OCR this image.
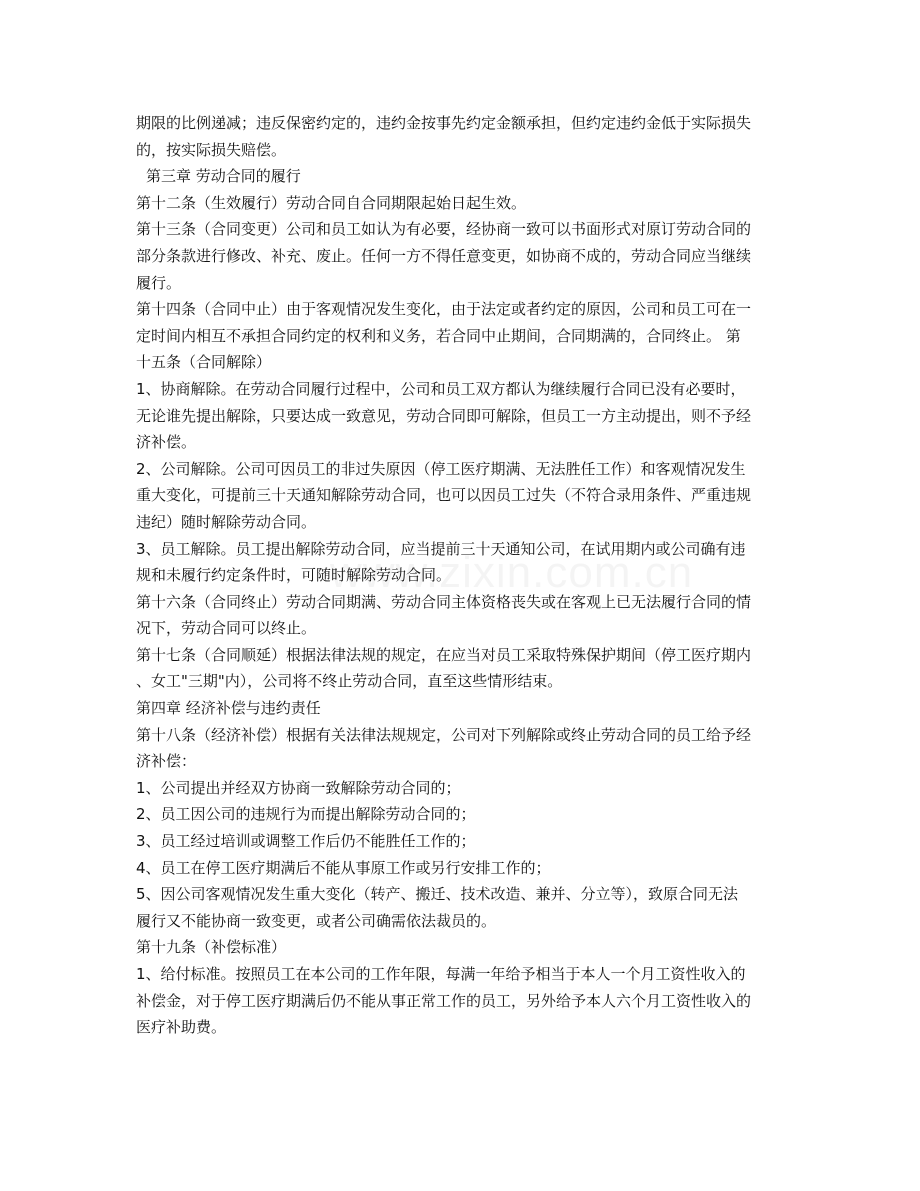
期限的比例递减；违反保密约定的，违约金按事先约定金额承担，但约定违约金低于实际损失
的，按实际损失赔偿。
第三章 劳动合同的履行
第十二条（生效履行）劳动合同自合同期限起始日起生效。
第十三条（合同变更）公司和员工如认为有必要，经协商一致可以书面形式对原订劳动合同的
部分条款进行修改、补充、废止。任何一方不得任意变更，如协商不成的，劳动合同应当继续
履行。
第十四条（合同中止）由于客观情况发生变化，由于法定或者约定的原因，公司和员工可在一
定时间内相互不承担合同约定的权利和义务，若合同中止期间，合同期满的，合同终止。 第
十五条（合同解除）
1、协商解除。在劳动合同履行过程中，公司和员工双方都认为继续履行合同已没有必要时，
无论谁先提出解除，只要达成一致意见，劳动合同即可解除，但员工一方主动提出，则不予经
济补偿。
2、公司解除。公司可因员工的非过失原因（停工医疗期满、无法胜任工作）和客观情况发生
重大变化，可提前三十天通知解除劳动合同，也可以因员工过失（不符合录用条件、严重违规
违纪）随时解除劳动合同。
3、员工解除。员工提出解除劳动合同，应当提前三十天通知公司，在试用期内或公司确有违
规和未履行约定条件时，可随时解除劳动合同。
第十六条（合同终止）劳动合同期满、劳动合同主体资格丧失或在客观上已无法履行合同的情
况下，劳动合同可以终止。
第十七条（合同顺延）根据法律法规的规定，在应当对员工采取特殊保护期间（停工医疗期内
、女工"三期"内），公司将不终止劳动合同，直至这些情形结束。
第四章 经济补偿与违约责任
第十八条（经济补偿）根据有关法律法规规定，公司对下列解除或终止劳动合同的员工给予经
济补偿：
1、公司提出并经双方协商一致解除劳动合同的；
2、员工因公司的违规行为而提出解除劳动合同的；
3、员工经过培训或调整工作后仍不能胜任工作的；
4、员工在停工医疗期满后不能从事原工作或另行安排工作的；
5、因公司客观情况发生重大变化（转产、搬迁、技术改造、兼并、分立等），致原合同无法
履行又不能协商一致变更，或者公司确需依法裁员的。
第十九条（补偿标准）
1、给付标准。按照员工在本公司的工作年限，每满一年给予相当于本人一个月工资性收入的
补偿金，对于停工医疗期满后仍不能从事正常工作的员工，另外给予本人六个月工资性收入的
医疗补助费。
